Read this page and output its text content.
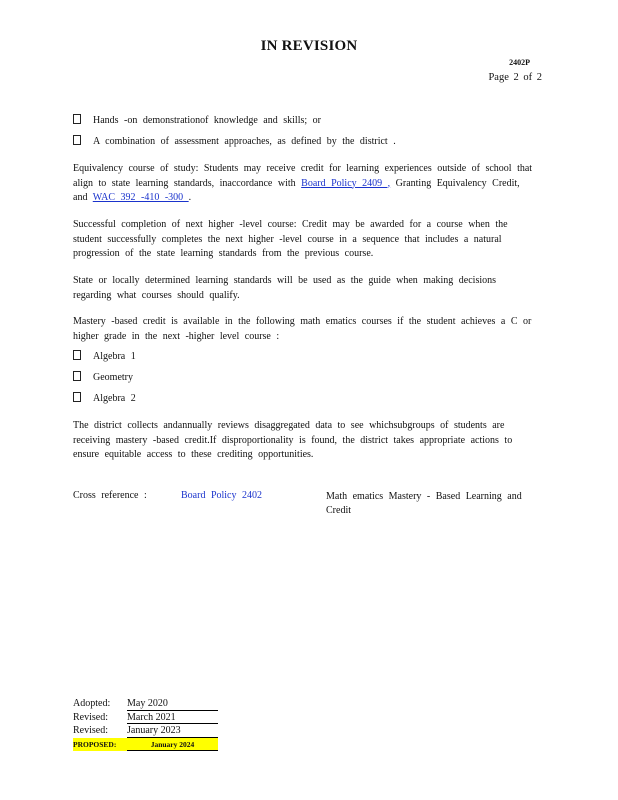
IN REVISION
2402P
Page 2 of 2
Hands -on demonstrationof knowledge and skills; or
A combination of assessment approaches, as defined by the district .
Equivalency course of study: Students may receive credit for learning experiences outside of school that align to state learning standards, inaccordance with Board Policy 2409 , Granting Equivalency Credit, and WAC 392 -410 -300 .
Successful completion of next higher -level course: Credit may be awarded for a course when the student successfully completes the next higher -level course in a sequence that includes a natural progression of the state learning standards from the previous course.
State or locally determined learning standards will be used as the guide when making decisions regarding what courses should qualify.
Mastery -based credit is available in the following math ematics courses if the student achieves a C or higher grade in the next -higher level course :
Algebra 1
Geometry
Algebra 2
The district collects andannually reviews disaggregated data to see whichsubgroups of students are receiving mastery -based credit.If disproportionality is found, the district takes appropriate actions to ensure equitable access to these crediting opportunities.
Cross reference :	Board Policy 2402	Math ematics Mastery - Based Learning and Credit
Adopted:	May 2020
Revised:	March 2021
Revised:	January 2023
PROPOSED:	January 2024
